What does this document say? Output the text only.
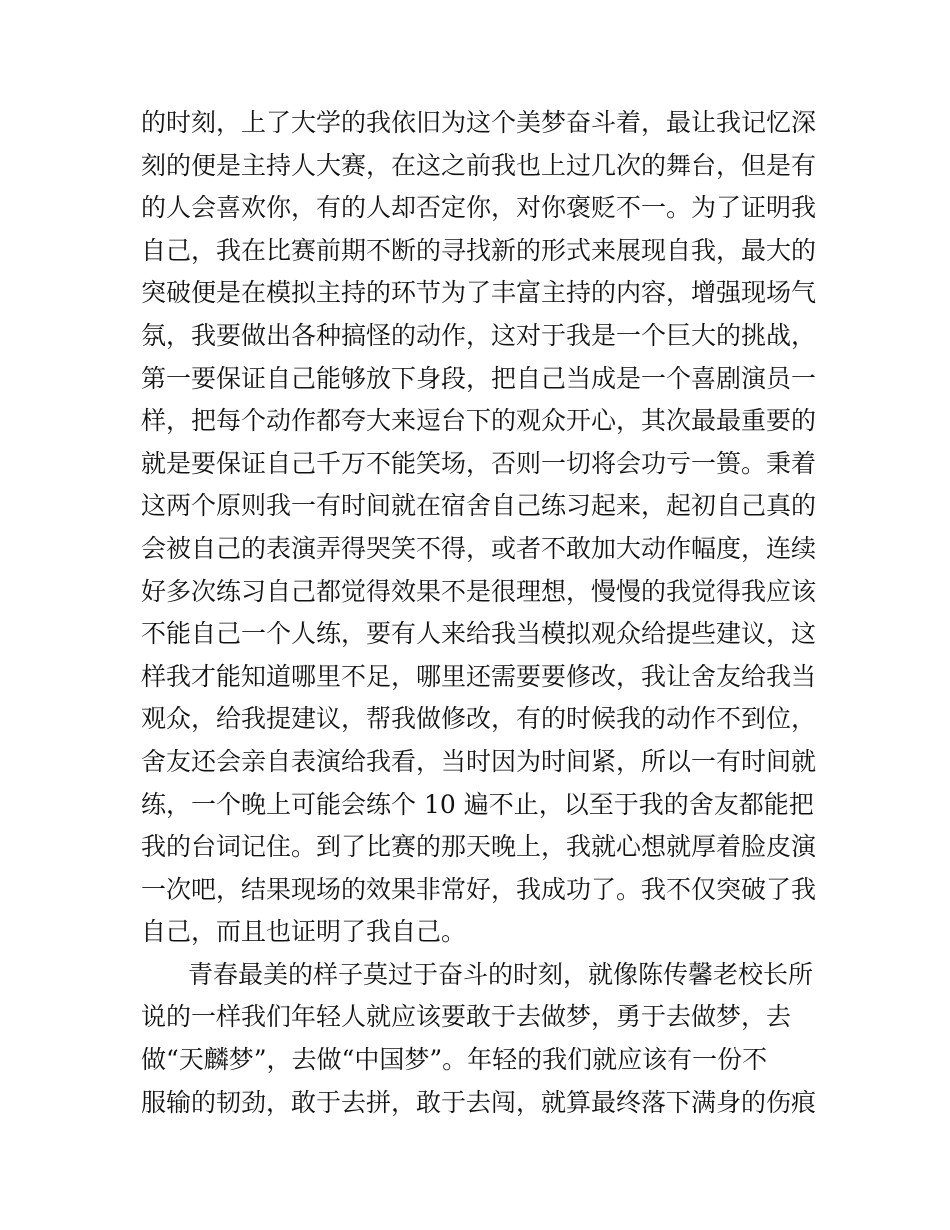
的时刻，上了大学的我依旧为这个美梦奋斗着，最让我记忆深
刻的便是主持人大赛，在这之前我也上过几次的舞台，但是有
的人会喜欢你，有的人却否定你，对你褒贬不一。为了证明我
自己，我在比赛前期不断的寻找新的形式来展现自我，最大的
突破便是在模拟主持的环节为了丰富主持的内容，增强现场气
氛，我要做出各种搞怪的动作，这对于我是一个巨大的挑战，
第一要保证自己能够放下身段，把自己当成是一个喜剧演员一
样，把每个动作都夸大来逗台下的观众开心，其次最最重要的
就是要保证自己千万不能笑场，否则一切将会功亏一篑。秉着
这两个原则我一有时间就在宿舍自己练习起来，起初自己真的
会被自己的表演弄得哭笑不得，或者不敢加大动作幅度，连续
好多次练习自己都觉得效果不是很理想，慢慢的我觉得我应该
不能自己一个人练，要有人来给我当模拟观众给提些建议，这
样我才能知道哪里不足，哪里还需要要修改，我让舍友给我当
观众，给我提建议，帮我做修改，有的时候我的动作不到位，
舍友还会亲自表演给我看，当时因为时间紧，所以一有时间就
练，一个晚上可能会练个 10 遍不止，以至于我的舍友都能把
我的台词记住。到了比赛的那天晚上，我就心想就厚着脸皮演
一次吧，结果现场的效果非常好，我成功了。我不仅突破了我
自己，而且也证明了我自己。
青春最美的样子莫过于奋斗的时刻，就像陈传馨老校长所
说的一样我们年轻人就应该要敢于去做梦，勇于去做梦，去
做“天麟梦”，去做“中国梦”。年轻的我们就应该有一份不
服输的韧劲，敢于去拼，敢于去闯，就算最终落下满身的伤痕
